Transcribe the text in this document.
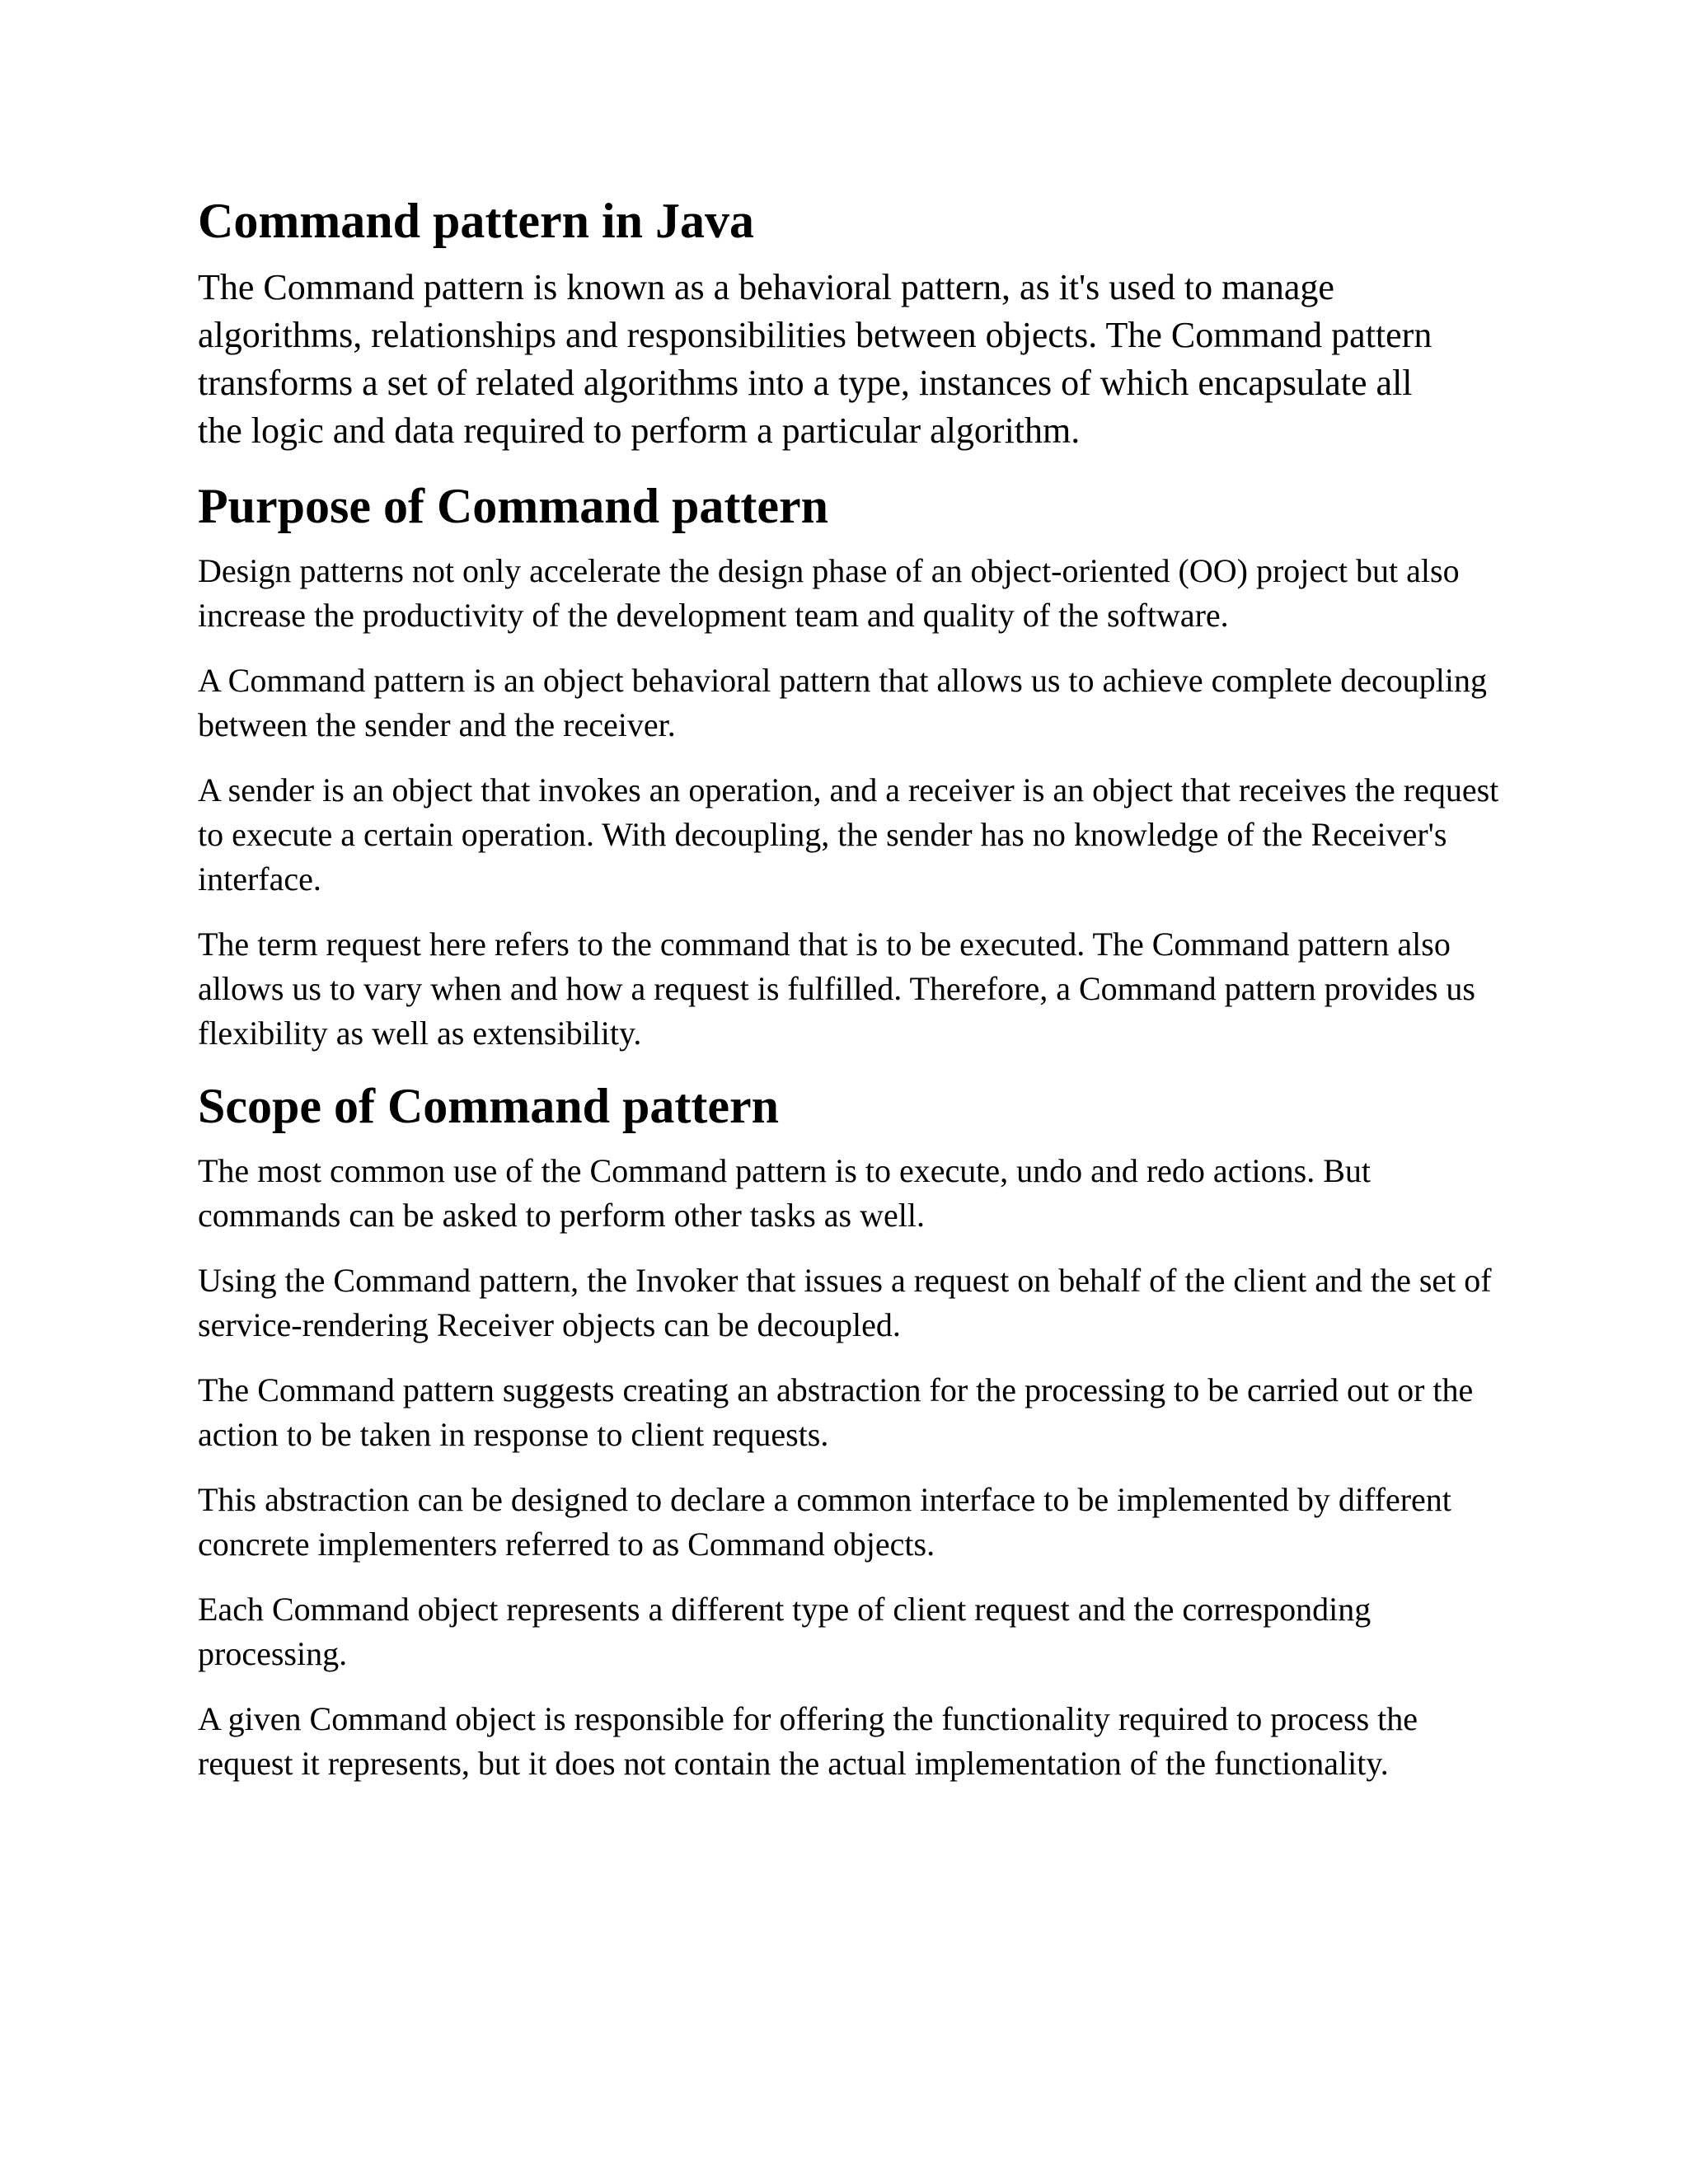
Command pattern in Java

The Command pattern is known as a behavioral pattern, as it's used to manage algorithms, relationships and responsibilities between objects. The Command pattern transforms a set of related algorithms into a type, instances of which encapsulate all the logic and data required to perform a particular algorithm.

Purpose of Command pattern

Design patterns not only accelerate the design phase of an object-oriented (OO) project but also increase the productivity of the development team and quality of the software.

A Command pattern is an object behavioral pattern that allows us to achieve complete decoupling between the sender and the receiver.

A sender is an object that invokes an operation, and a receiver is an object that receives the request to execute a certain operation. With decoupling, the sender has no knowledge of the Receiver's interface.

The term request here refers to the command that is to be executed. The Command pattern also allows us to vary when and how a request is fulfilled. Therefore, a Command pattern provides us flexibility as well as extensibility.

Scope of Command pattern

The most common use of the Command pattern is to execute, undo and redo actions. But commands can be asked to perform other tasks as well.

Using the Command pattern, the Invoker that issues a request on behalf of the client and the set of service-rendering Receiver objects can be decoupled.

The Command pattern suggests creating an abstraction for the processing to be carried out or the action to be taken in response to client requests.

This abstraction can be designed to declare a common interface to be implemented by different concrete implementers referred to as Command objects.

Each Command object represents a different type of client request and the corresponding processing.

A given Command object is responsible for offering the functionality required to process the request it represents, but it does not contain the actual implementation of the functionality.
